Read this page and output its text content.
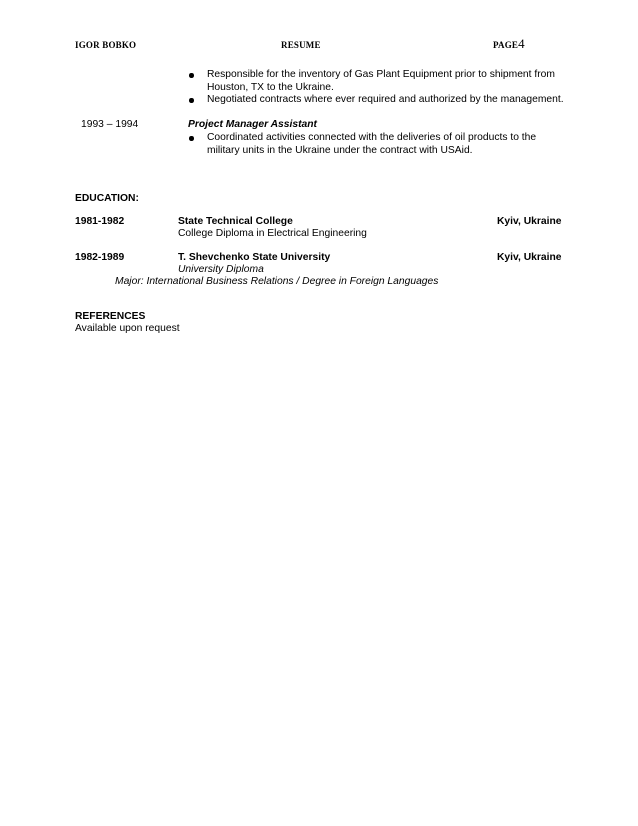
IGOR BOBKO	RESUME	PAGE4
Responsible for the inventory of Gas Plant Equipment prior to shipment from
Houston, TX to the Ukraine.
Negotiated contracts where ever required and authorized by the management.
1993 – 1994	Project Manager Assistant
Coordinated activities connected with the deliveries of oil products to the
military units in the Ukraine under the contract with USAid.
EDUCATION:
1981-1982	State Technical College	Kyiv, Ukraine
College Diploma in Electrical Engineering
1982-1989	T. Shevchenko State University	Kyiv, Ukraine
University Diploma
Major: International Business Relations / Degree in Foreign Languages
REFERENCES
Available upon request
